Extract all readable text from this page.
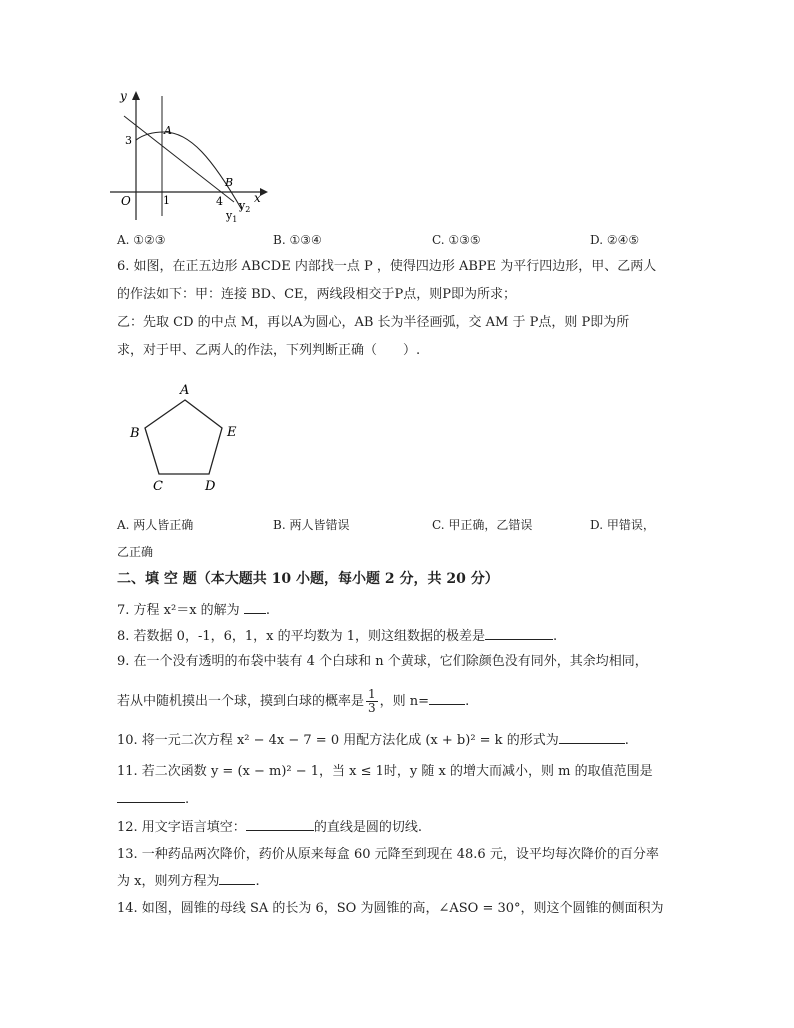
y
x
O
3
1	4
A
B
$y_2$
$y_1$
A. ①②③	B. ①③④	C. ①③⑤	D. ②④⑤
6. 如图，在正五边形 ABCDE 内部找一点 P ，使得四边形 ABPE 为平行四边形，甲、乙两人
的作法如下：甲：连接 BD、CE，两线段相交于P点，则P即为所求；
乙：先取 CD 的中点 M，再以A为圆心，AB 长为半径画弧，交 AM 于 P点，则 P即为所
求，对于甲、乙两人的作法，下列判断正确（　　）.
A
B
C	D
E
A. 两人皆正确	B. 两人皆错误	C. 甲正确，乙错误	D. 甲错误，
乙正确
二、填 空 题（本大题共 10 小题，每小题 2 分，共 20 分）
7. 方程 x²＝x 的解为 .
8. 若数据 0，-1，6，1，x 的平均数为 1，则这组数据的极差是	.
9. 在一个没有透明的布袋中装有 4 个白球和 n 个黄球，它们除颜色没有同外，其余均相同，
若从中随机摸出一个球，摸到白球的概率是 $\frac{1}{3}$ ，则 n=	.
10. 将一元二次方程 x² − 4x − 7 = 0 用配方法化成 (x + b)² = k 的形式为	.
11. 若二次函数 y = (x − m)² − 1，当 x ≤ 1时，y 随 x 的增大而减小，则 m 的取值范围是
.
12. 用文字语言填空：	的直线是圆的切线.
13. 一种药品两次降价，药价从原来每盒 60 元降至到现在 48.6 元，设平均每次降价的百分率
为 x，则列方程为	.
14. 如图，圆锥的母线 SA 的长为 6，SO 为圆锥的高，∠ASO = 30°，则这个圆锥的侧面积为
